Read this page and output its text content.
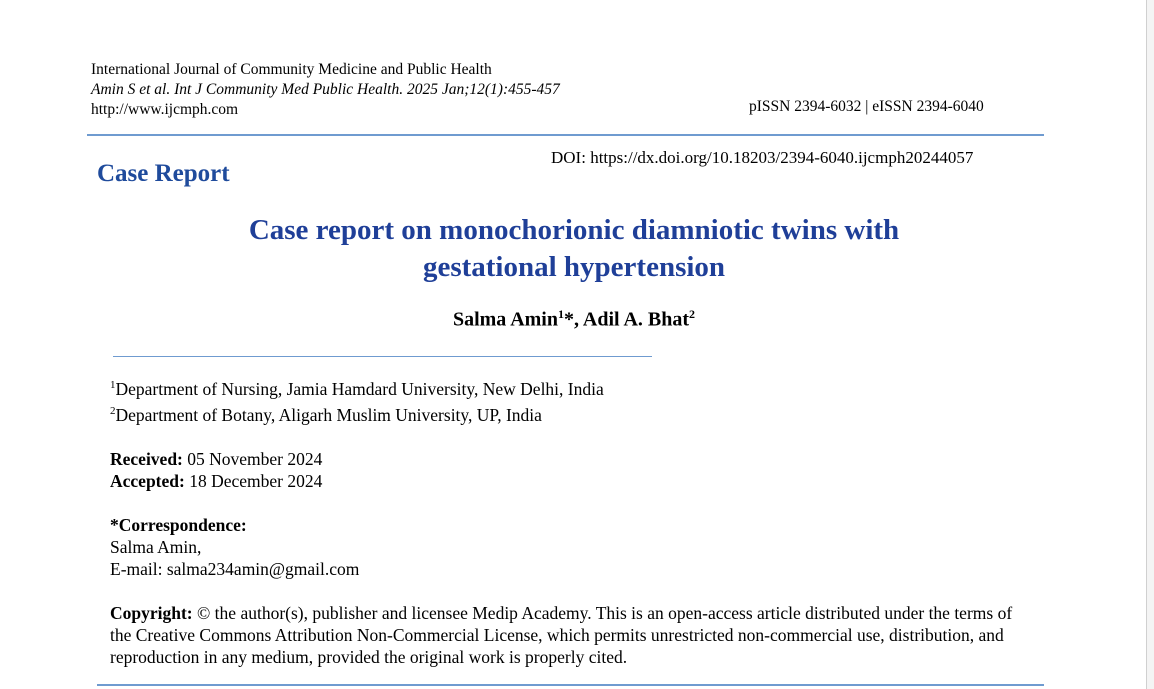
International Journal of Community Medicine and Public Health
Amin S et al. Int J Community Med Public Health. 2025 Jan;12(1):455-457
http://www.ijcmph.com	pISSN 2394-6032 | eISSN 2394-6040
DOI: https://dx.doi.org/10.18203/2394-6040.ijcmph20244057
Case Report
Case report on monochorionic diamniotic twins with
gestational hypertension
Salma Amin$^1$*, Adil A. Bhat$^2$
$^1$Department of Nursing, Jamia Hamdard University, New Delhi, India
$^2$Department of Botany, Aligarh Muslim University, UP, India
Received: 05 November 2024
Accepted: 18 December 2024
*Correspondence:
Salma Amin,
E-mail: salma234amin@gmail.com
Copyright: © the author(s), publisher and licensee Medip Academy. This is an open-access article distributed under the terms of the Creative Commons Attribution Non-Commercial License, which permits unrestricted non-commercial use, distribution, and reproduction in any medium, provided the original work is properly cited.
